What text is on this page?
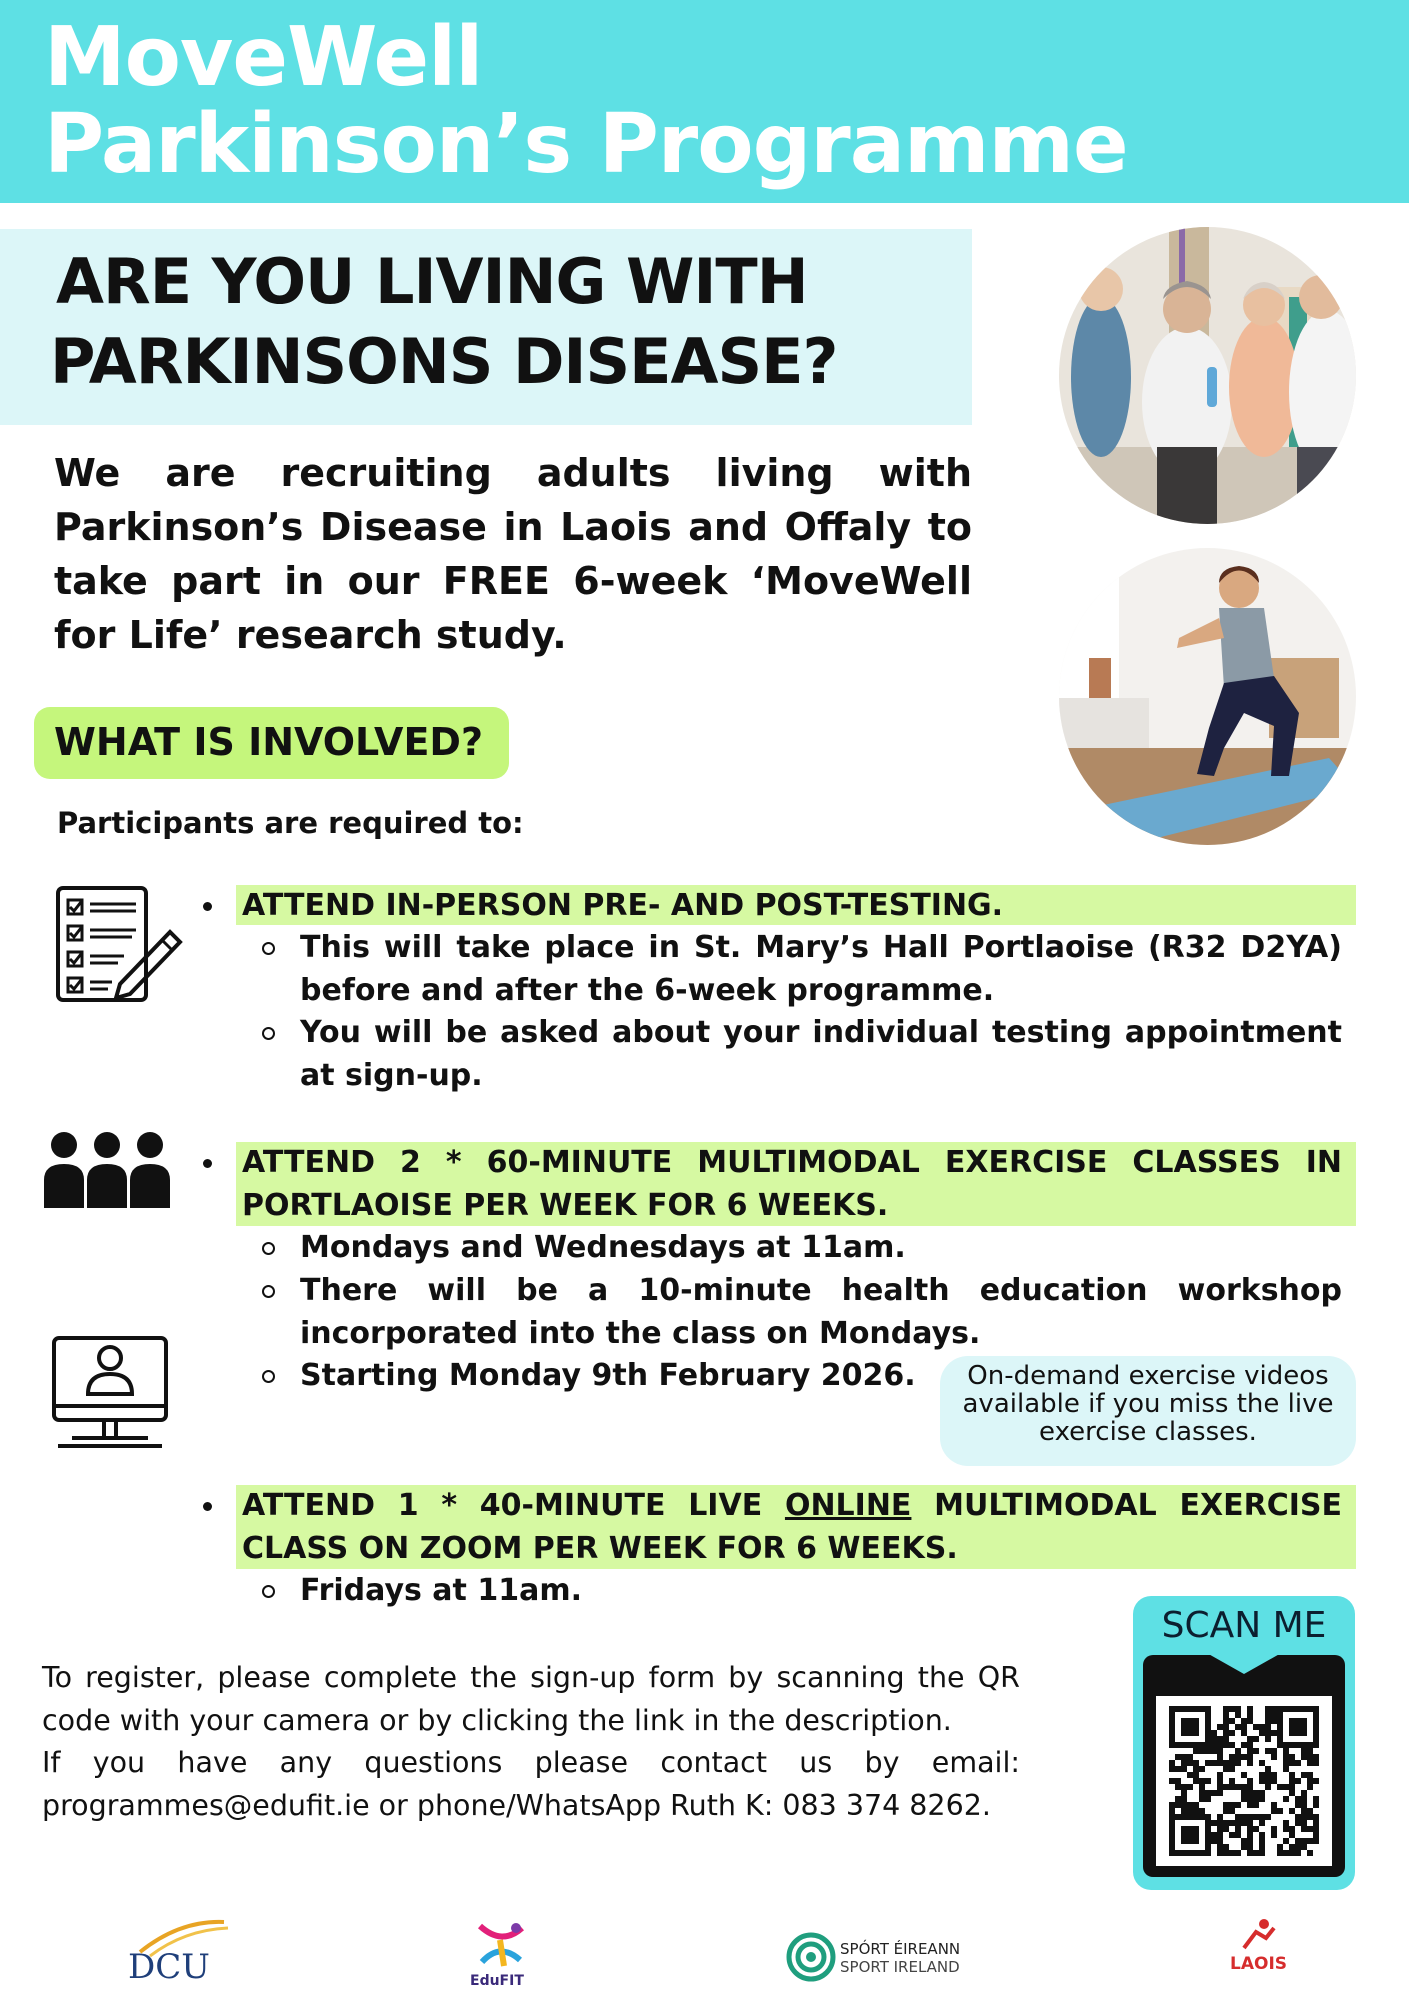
MoveWell
Parkinson’s Programme
ARE YOU LIVING WITH
PARKINSONS DISEASE?
We are recruiting adults living with Parkinson’s Disease in Laois and Offaly to take part in our FREE 6-week ‘MoveWell for Life’ research study.
WHAT IS INVOLVED?
Participants are required to:
ATTEND IN-PERSON PRE- AND POST-TESTING.
This will take place in St. Mary’s Hall Portlaoise (R32 D2YA) before and after the 6-week programme.
You will be asked about your individual testing appointment at sign-up.
ATTEND 2 * 60-MINUTE MULTIMODAL EXERCISE CLASSES IN PORTLAOISE PER WEEK FOR 6 WEEKS.
Mondays and Wednesdays at 11am.
There will be a 10-minute health education workshop incorporated into the class on Mondays.
Starting Monday 9th February 2026.	On-demand exercise videos available if you miss the live exercise classes.
ATTEND 1 * 40-MINUTE LIVE ONLINE MULTIMODAL EXERCISE CLASS ON ZOOM PER WEEK FOR 6 WEEKS.
Fridays at 11am.
To register, please complete the sign-up form by scanning the QR code with your camera or by clicking the link in the description.
If you have any questions please contact us by email: programmes@edufit.ie or phone/WhatsApp Ruth K: 083 374 8262.
SCAN ME
DCU	EduFIT
SPÓRT ÉIREANN
SPORT IRELAND	LAOIS
